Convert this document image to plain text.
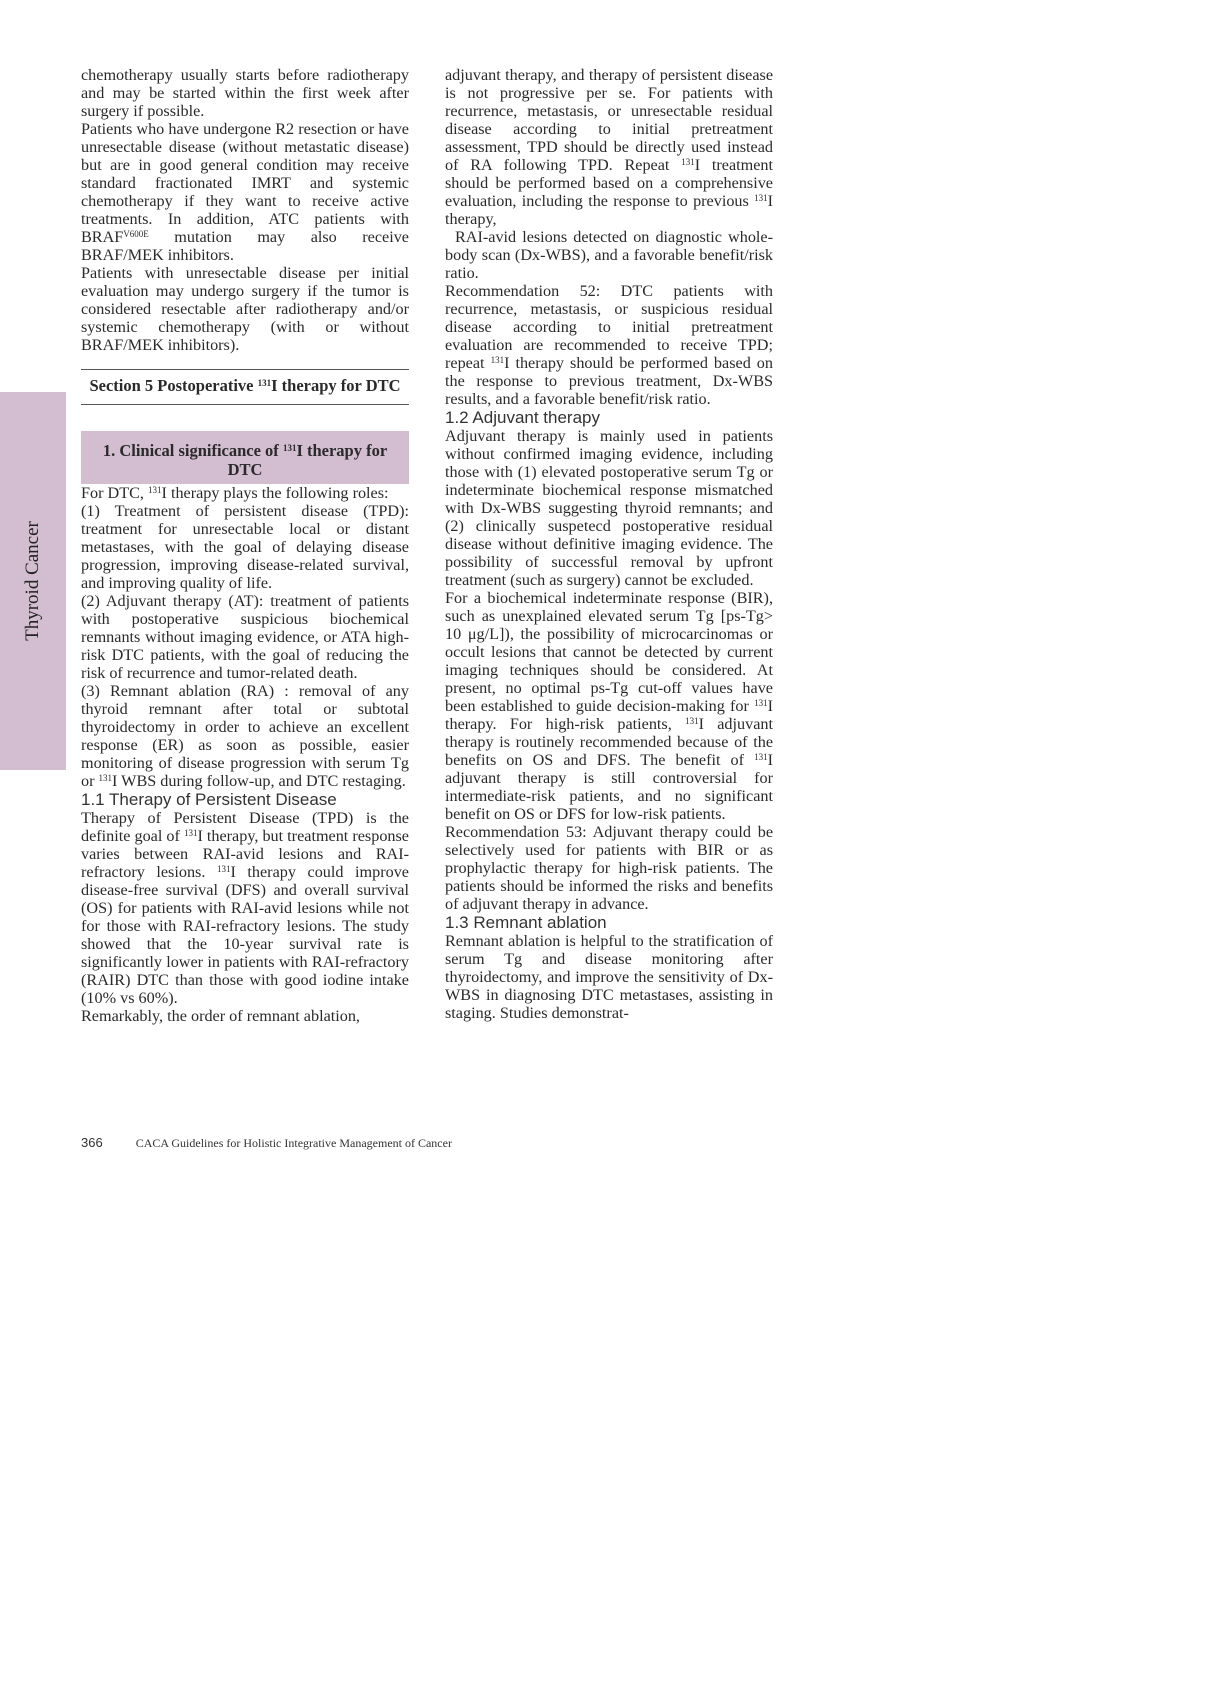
Thyroid Cancer

chemotherapy usually starts before radiotherapy and may be started within the first week after surgery if possible.

Patients who have undergone R2 resection or have unresectable disease (without metastatic disease) but are in good general condition may receive standard fractionated IMRT and systemic chemotherapy if they want to receive active treatments. In addition, ATC patients with $BRAF^{V600E}$ mutation may also receive BRAF/MEK inhibitors.

Patients with unresectable disease per initial evaluation may undergo surgery if the tumor is considered resectable after radiotherapy and/or systemic chemotherapy (with or without BRAF/MEK inhibitors).

Section 5 Postoperative $^{131}$I therapy for DTC
1. Clinical significance of $^{131}$I therapy for DTC

For DTC, $^{131}$I therapy plays the following roles:

(1) Treatment of persistent disease (TPD): treatment for unresectable local or distant metastases, with the goal of delaying disease progression, improving disease-related survival, and improving quality of life.

(2) Adjuvant therapy (AT): treatment of patients with postoperative suspicious biochemical remnants without imaging evidence, or ATA high-risk DTC patients, with the goal of reducing the risk of recurrence and tumor-related death.

(3) Remnant ablation (RA) : removal of any thyroid remnant after total or subtotal thyroidectomy in order to achieve an excellent response (ER) as soon as possible, easier monitoring of disease progression with serum Tg or $^{131}$I WBS during follow-up, and DTC restaging.

1.1 Therapy of Persistent Disease

Therapy of Persistent Disease (TPD) is the definite goal of $^{131}$I therapy, but treatment response varies between RAI-avid lesions and RAI-refractory lesions. $^{131}$I therapy could improve disease-free survival (DFS) and overall survival (OS) for patients with RAI-avid lesions while not for those with RAI-refractory lesions. The study showed that the 10-year survival rate is significantly lower in patients with RAI-refractory (RAIR) DTC than those with good iodine intake (10% vs 60%).

Remarkably, the order of remnant ablation,

adjuvant therapy, and therapy of persistent disease is not progressive per se. For patients with recurrence, metastasis, or unresectable residual disease according to initial pretreatment assessment, TPD should be directly used instead of RA following TPD. Repeat $^{131}$I treatment should be performed based on a comprehensive evaluation, including the response to previous $^{131}$I therapy,

RAI-avid lesions detected on diagnostic whole-body scan (Dx-WBS), and a favorable benefit/risk ratio.

Recommendation 52: DTC patients with recurrence, metastasis, or suspicious residual disease according to initial pretreatment evaluation are recommended to receive TPD; repeat $^{131}$I therapy should be performed based on the response to previous treatment, Dx-WBS results, and a favorable benefit/risk ratio.

1.2 Adjuvant therapy

Adjuvant therapy is mainly used in patients without confirmed imaging evidence, including those with (1) elevated postoperative serum Tg or indeterminate biochemical response mismatched with Dx-WBS suggesting thyroid remnants; and (2) clinically suspetecd postoperative residual disease without definitive imaging evidence. The possibility of successful removal by upfront treatment (such as surgery) cannot be excluded.

For a biochemical indeterminate response (BIR), such as unexplained elevated serum Tg [ps-Tg> 10 μg/L]), the possibility of microcarcinomas or occult lesions that cannot be detected by current imaging techniques should be considered. At present, no optimal ps-Tg cut-off values have been established to guide decision-making for $^{131}$I therapy. For high-risk patients, $^{131}$I adjuvant therapy is routinely recommended because of the benefits on OS and DFS. The benefit of $^{131}$I adjuvant therapy is still controversial for intermediate-risk patients, and no significant benefit on OS or DFS for low-risk patients.

Recommendation 53: Adjuvant therapy could be selectively used for patients with BIR or as prophylactic therapy for high-risk patients. The patients should be informed the risks and benefits of adjuvant therapy in advance.

1.3 Remnant ablation

Remnant ablation is helpful to the stratification of serum Tg and disease monitoring after thyroidectomy, and improve the sensitivity of Dx-WBS in diagnosing DTC metastases, assisting in staging. Studies demonstrat-

366	CACA Guidelines for Holistic Integrative Management of Cancer
